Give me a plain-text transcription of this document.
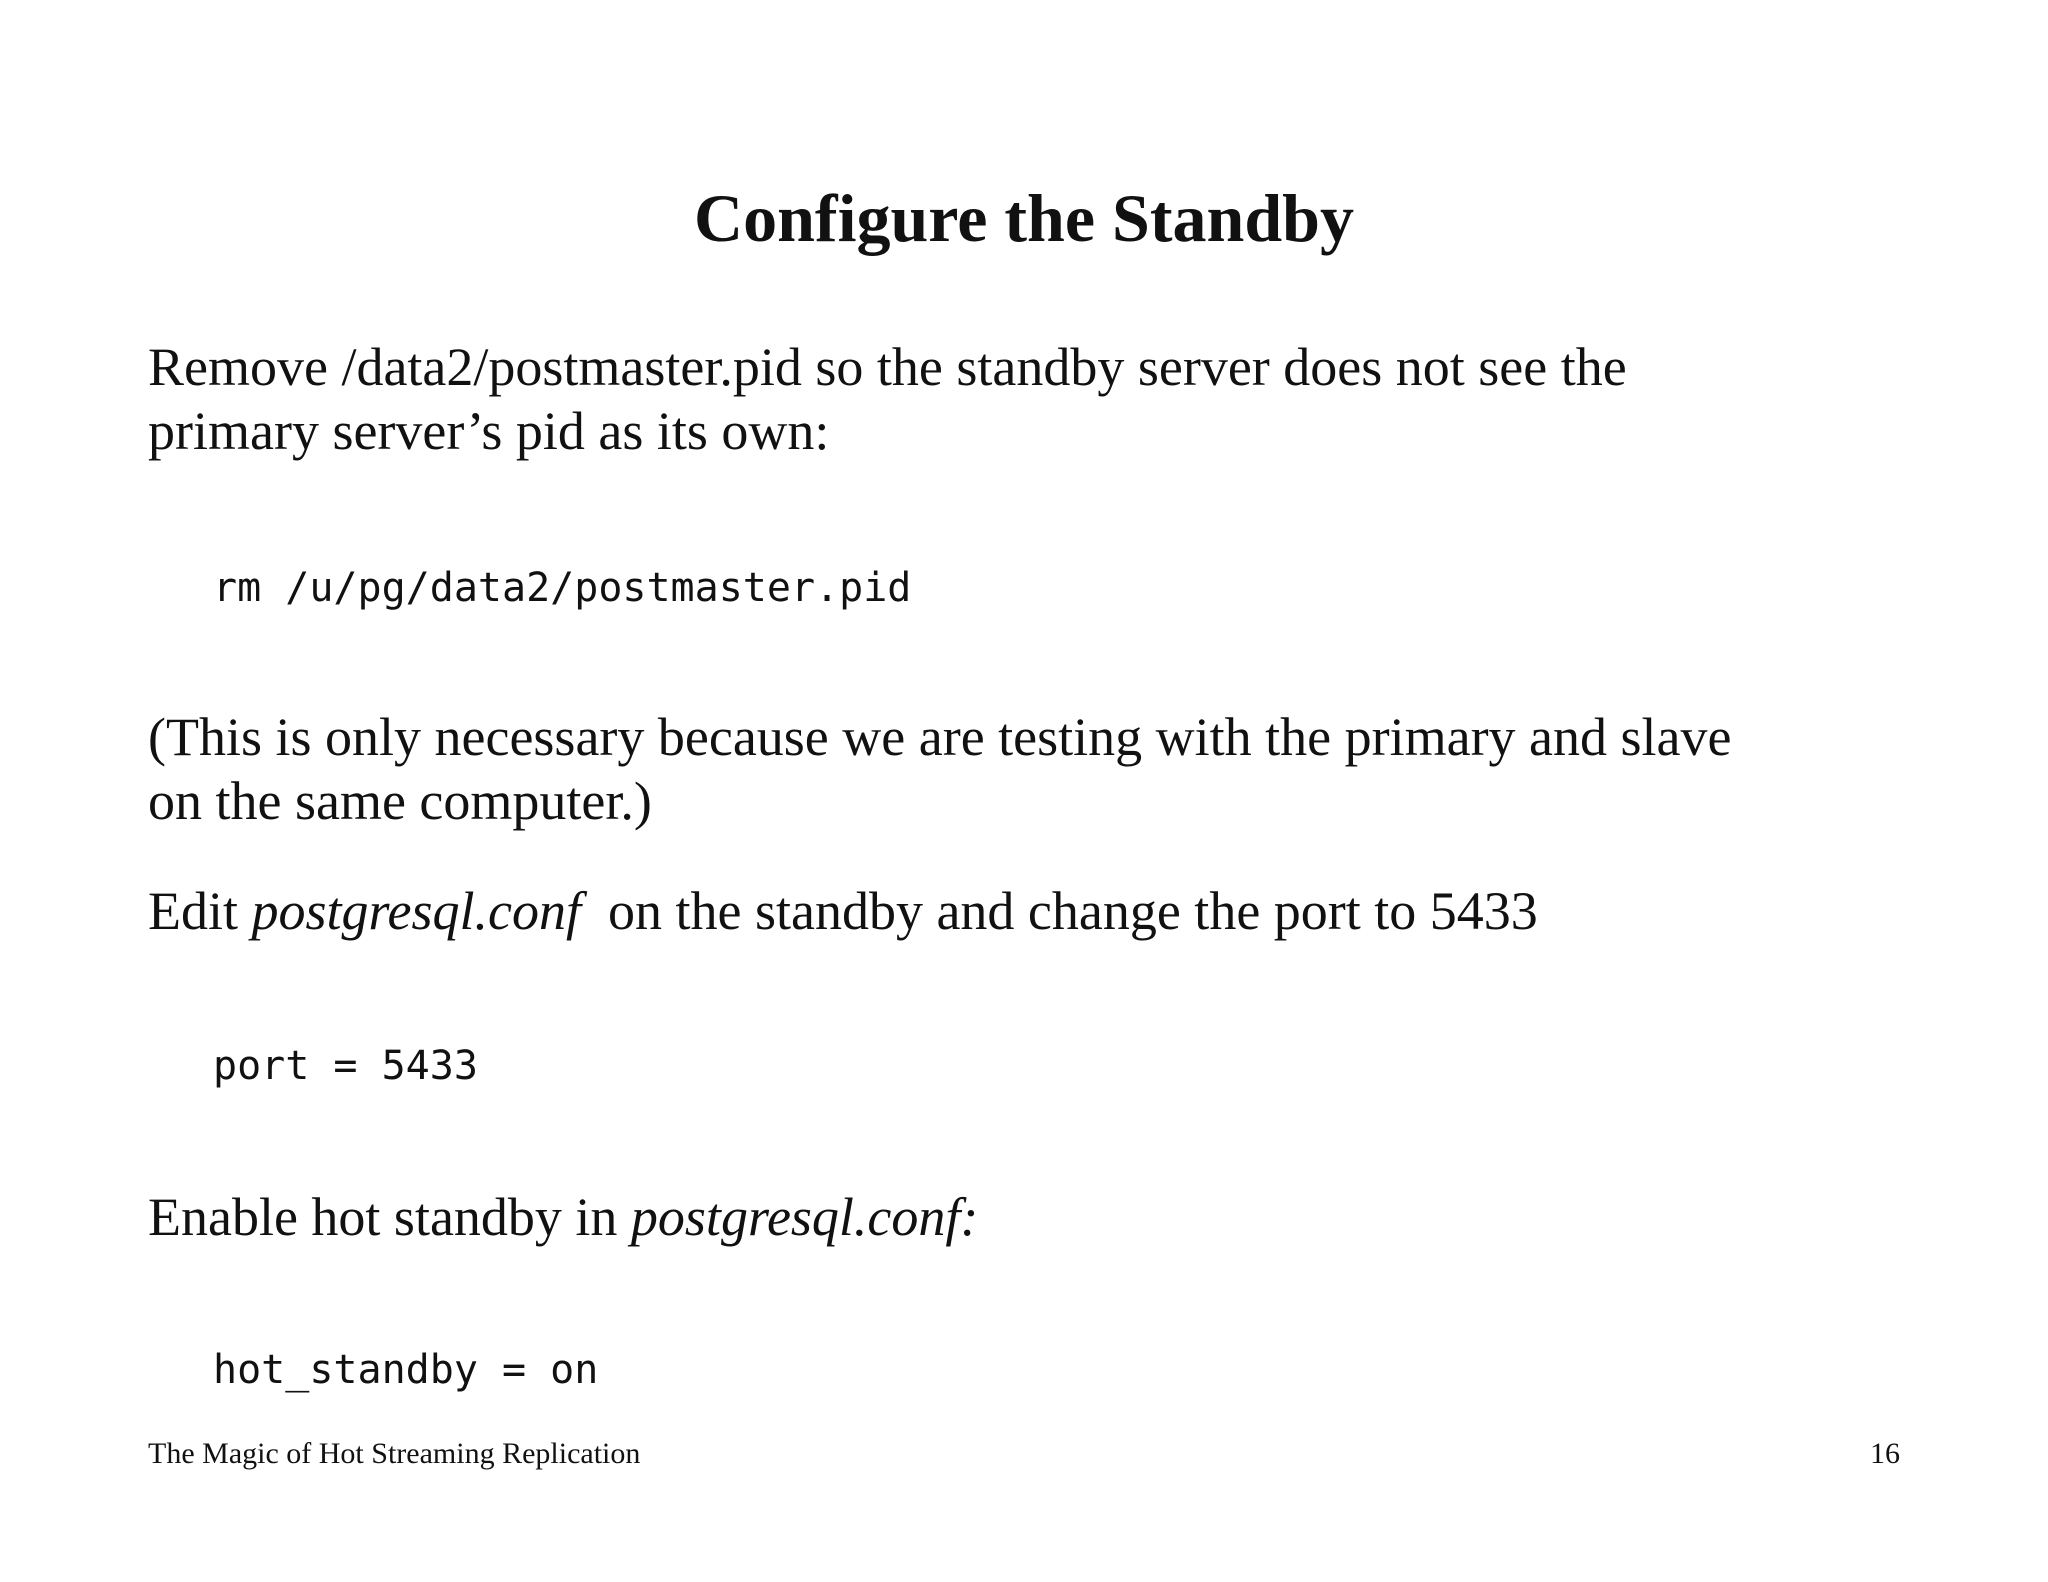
Configure the Standby
Remove /data2/postmaster.pid so the standby server does not see the
primary server’s pid as its own:
rm /u/pg/data2/postmaster.pid
(This is only necessary because we are testing with the primary and slave
on the same computer.)
Edit postgresql.conf  on the standby and change the port to 5433
port = 5433
Enable hot standby in postgresql.conf:
hot_standby = on
The Magic of Hot Streaming Replication	16
